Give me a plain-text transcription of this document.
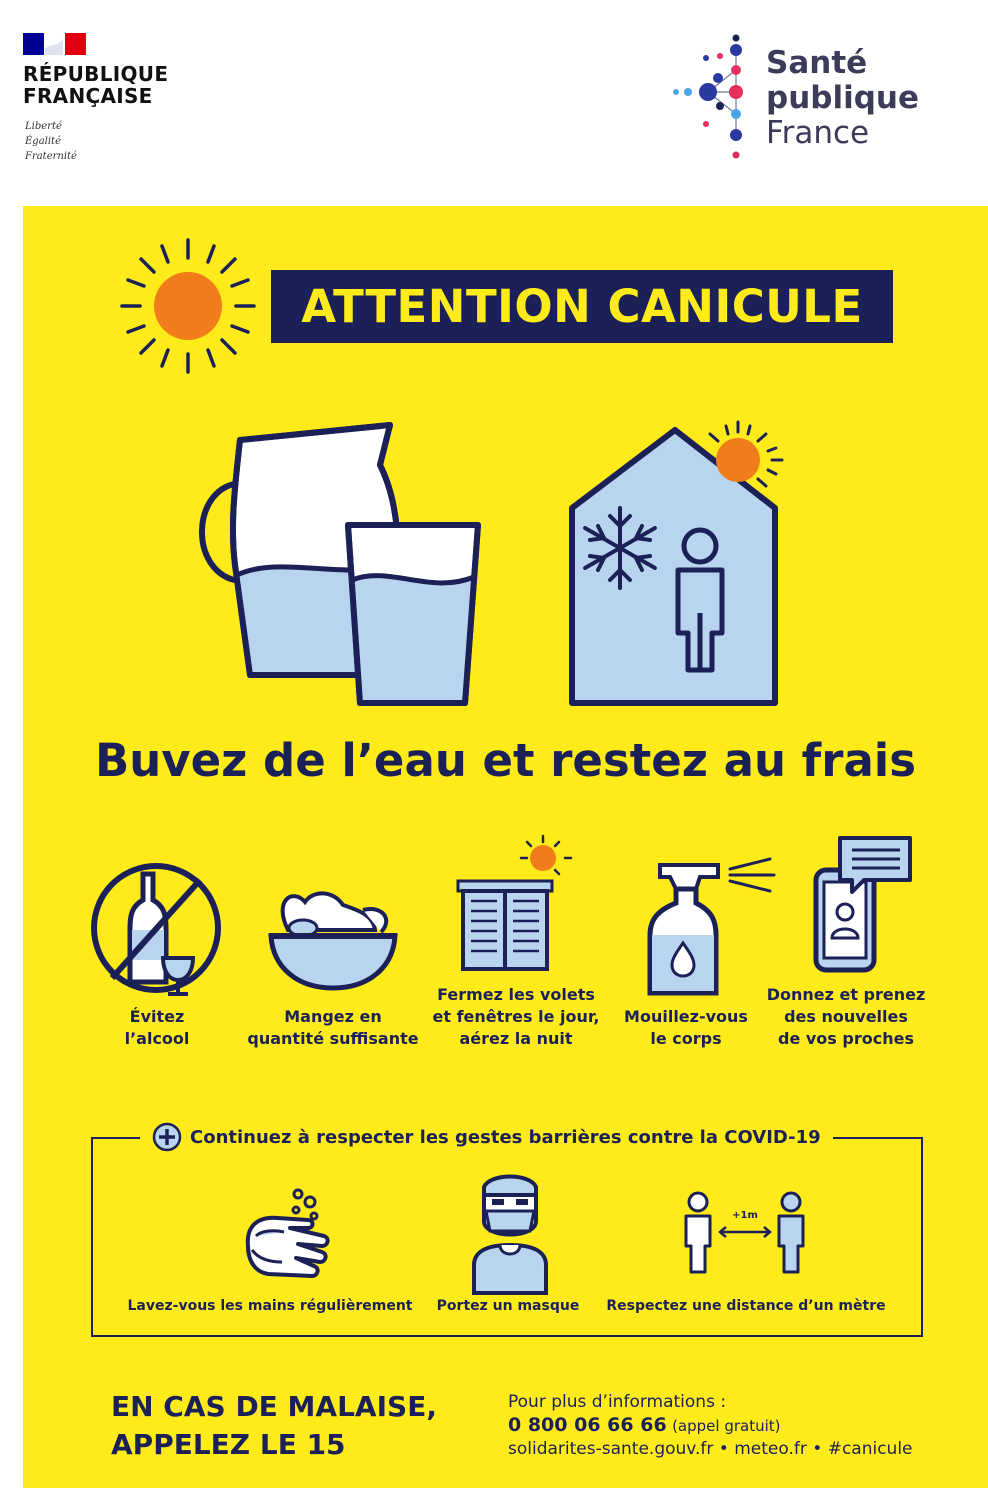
RÉPUBLIQUE
FRANÇAISE
Liberté
Égalité
Fraternité
Santé
publique
France
ATTENTION CANICULE
Buvez de l’eau et restez au frais
Évitez
l’alcool
Mangez en
quantité suffisante
Fermez les volets
et fenêtres le jour,
aérez la nuit
Mouillez-vous
le corps
Donnez et prenez
des nouvelles
de vos proches
Continuez à respecter les gestes barrières contre la COVID-19
+1m
Lavez-vous les mains régulièrement	Portez un masque	Respectez une distance d’un mètre
EN CAS DE MALAISE,
APPELEZ LE 15
Pour plus d’informations :
0 800 06 66 66 (appel gratuit)
solidarites-sante.gouv.fr • meteo.fr • #canicule
